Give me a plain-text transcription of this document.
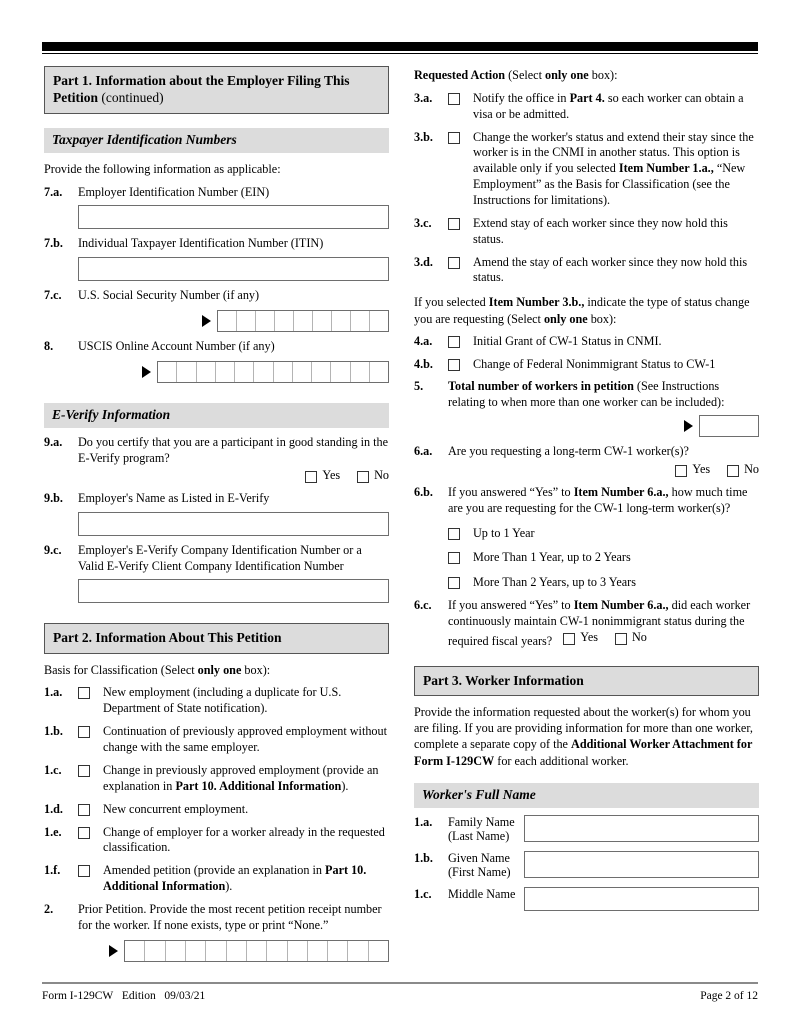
Part 1. Information about the Employer Filing This Petition (continued)
Taxpayer Identification Numbers
Provide the following information as applicable:
7.a.	Employer Identification Number (EIN)
7.b.	Individual Taxpayer Identification Number (ITIN)
7.c.	U.S. Social Security Number (if any)
8.	USCIS Online Account Number (if any)
E-Verify Information
9.a.	Do you certify that you are a participant in good standing in the E-Verify program?
Yes	No
9.b.	Employer's Name as Listed in E-Verify
9.c.	Employer's E-Verify Company Identification Number or a Valid E-Verify Client Company Identification Number
Part 2. Information About This Petition
Basis for Classification (Select only one box):
1.a.	New employment (including a duplicate for U.S. Department of State notification).
1.b.	Continuation of previously approved employment without change with the same employer.
1.c.	Change in previously approved employment (provide an explanation in Part 10. Additional Information).
1.d.	New concurrent employment.
1.e.	Change of employer for a worker already in the requested classification.
1.f.	Amended petition (provide an explanation in Part 10. Additional Information).
2.	Prior Petition. Provide the most recent petition receipt number for the worker. If none exists, type or print “None.”
Requested Action (Select only one box):
3.a.	Notify the office in Part 4. so each worker can obtain a visa or be admitted.
3.b.	Change the worker's status and extend their stay since the worker is in the CNMI in another status. This option is available only if you selected Item Number 1.a., “New Employment” as the Basis for Classification (see the Instructions for limitations).
3.c.	Extend stay of each worker since they now hold this status.
3.d.	Amend the stay of each worker since they now hold this status.
If you selected Item Number 3.b., indicate the type of status change you are requesting (Select only one box):
4.a.	Initial Grant of CW-1 Status in CNMI.
4.b.	Change of Federal Nonimmigrant Status to CW-1
5.	Total number of workers in petition (See Instructions relating to when more than one worker can be included):
6.a.	Are you requesting a long-term CW-1 worker(s)?
Yes	No
6.b.	If you answered “Yes” to Item Number 6.a., how much time are you are requesting for the CW-1 long-term worker(s)?
Up to 1 Year
More Than 1 Year, up to 2 Years
More Than 2 Years, up to 3 Years
6.c.	If you answered “Yes” to Item Number 6.a., did each worker continuously maintain CW-1 nonimmigrant status during the required fiscal years? Yes	No
Part 3. Worker Information
Provide the information requested about the worker(s) for whom you are filing. If you are providing information for more than one worker, complete a separate copy of the Additional Worker Attachment for Form I-129CW for each additional worker.
Worker's Full Name
1.a.	Family Name
(Last Name)
1.b.	Given Name
(First Name)
1.c.	Middle Name
Form I-129CW Edition 09/03/21	Page 2 of 12
